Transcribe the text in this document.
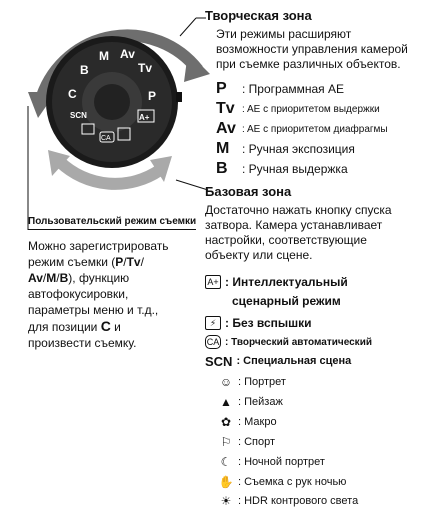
C
B
M Av
Tv
P
A+
SCN
CA
Творческая зона
Эти режимы расширяют
возможности управления камерой
при съемке различных объектов.
P	: Программная AE
Tv : AE с приоритетом выдержки
Av : AE с приоритетом диафрагмы
M	: Ручная экспозиция
B	: Ручная выдержка
Базовая зона
Достаточно нажать кнопку спуска
затвора. Камера устанавливает
настройки, соответствующие
объекту или сцене.
A+ : Интеллектуальный
сценарный режим
⚡ : Без вспышки
CA : Творческий автоматический
SCN : Специальная сцена
☺ : Портрет
▲ : Пейзаж
✿ : Макро
⚐ : Спорт
☾ : Ночной портрет
✋ : Съемка с рук ночью
☀ : HDR контрового света
Пользовательский режим съемки
Можно зарегистрировать
режим съемки (P/Tv/
Av/M/B), функцию
автофокусировки,
параметры меню и т.д.,
для позиции C и
произвести съемку.
